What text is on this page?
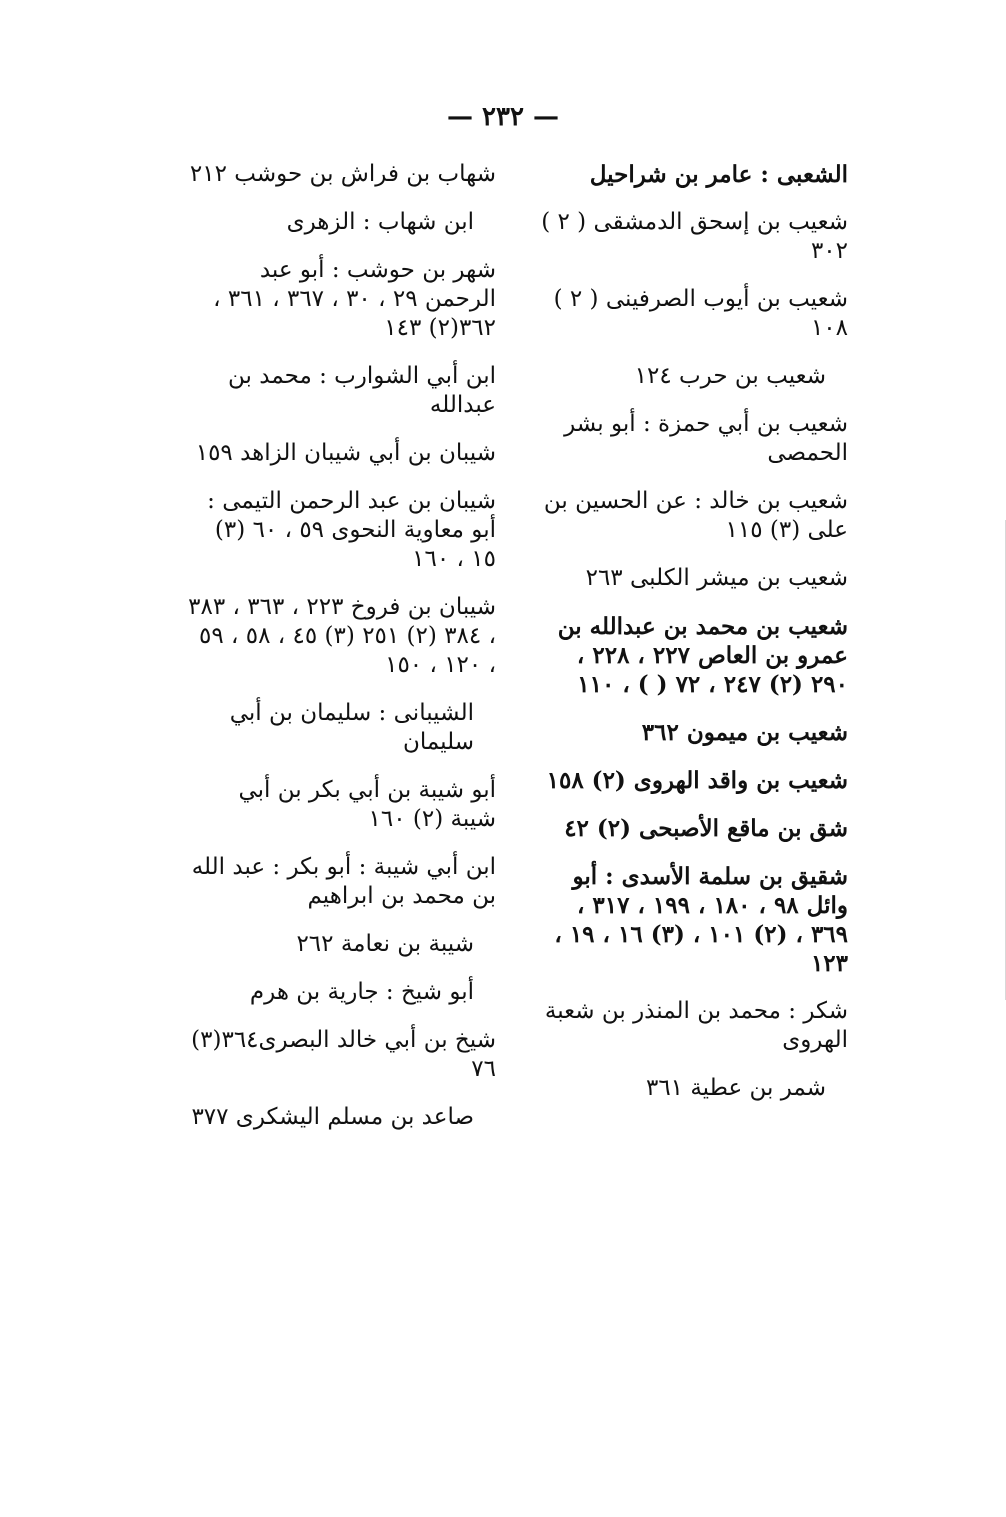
— ٢٣٢ —
الشعبى : عامر بن شراحيل
شعيب بن إسحق الدمشقى ( ٢ ) ٣٠٢
شعيب بن أيوب الصرفينى ( ٢ ) ١٠٨
شعيب بن حرب ١٢٤
شعيب بن أبي حمزة : أبو بشر الحمصى
شعيب بن خالد : عن الحسين بن على (٣) ١١٥
شعيب بن ميشر الكلبى ٢٦٣
شعيب بن محمد بن عبدالله بن عمرو بن العاص ٢٢٧ ، ٢٢٨ ، ٢٩٠ (٢) ٢٤٧ ، ٧٢ ( ) ، ١١٠
شعيب بن ميمون ٣٦٢
شعيب بن واقد الهروى (٢) ١٥٨
شق بن ماقع الأصبحى (٢) ٤٢
شقيق بن سلمة الأسدى : أبو وائل ٩٨ ، ١٨٠ ، ١٩٩ ، ٣١٧ ، ٣٦٩ ، (٢) ١٠١ ، (٣) ١٦ ، ١٩ ، ١٢٣
شكر : محمد بن المنذر بن شعبة الهروى
شمر بن عطية ٣٦١
شهاب بن فراش بن حوشب ٢١٢
ابن شهاب : الزهرى
شهر بن حوشب : أبو عبد الرحمن ٢٩ ، ٣٠ ، ٣٦٧ ، ٣٦١ ، ٣٦٢(٢) ١٤٣
ابن أبي الشوارب : محمد بن عبدالله
شيبان بن أبي شيبان الزاهد ١٥٩
شيبان بن عبد الرحمن التيمى : أبو معاوية النحوى ٥٩ ، ٦٠ (٣) ١٥ ، ١٦٠
شيبان بن فروخ ٢٢٣ ، ٣٦٣ ، ٣٨٣ ، ٣٨٤ (٢) ٢٥١ (٣) ٤٥ ، ٥٨ ، ٥٩ ، ١٢٠ ، ١٥٠
الشيبانى : سليمان بن أبي سليمان
أبو شيبة بن أبي بكر بن أبي شيبة (٢) ١٦٠
ابن أبي شيبة : أبو بكر : عبد الله بن محمد بن ابراهيم
شيبة بن نعامة ٢٦٢
أبو شيخ : جارية بن هرم
شيخ بن أبي خالد البصرى٣٦٤(٣) ٧٦
صاعد بن مسلم اليشكرى ٣٧٧
